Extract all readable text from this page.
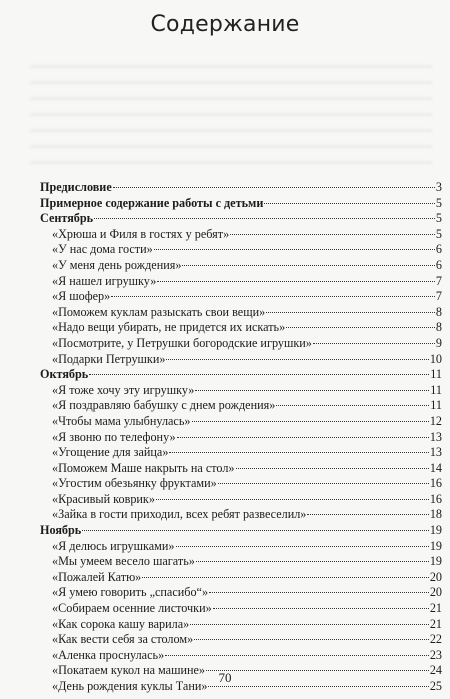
Содержание
Предисловие	3
Примерное содержание работы с детьми	5
Сентябрь	5
«Хрюша и Филя в гостях у ребят»	5
«У нас дома гости»	6
«У меня день рождения»	6
«Я нашел игрушку»	7
«Я шофер»	7
«Поможем куклам разыскать свои вещи»	8
«Надо вещи убирать, не придется их искать»	8
«Посмотрите, у Петрушки богородские игрушки»	9
«Подарки Петрушки»	10
Октябрь	11
«Я тоже хочу эту игрушку»	11
«Я поздравляю бабушку с днем рождения»	11
«Чтобы мама улыбнулась»	12
«Я звоню по телефону»	13
«Угощение для зайца»	13
«Поможем Маше накрыть на стол»	14
«Угостим обезьянку фруктами»	16
«Красивый коврик»	16
«Зайка в гости приходил, всех ребят развеселил»	18
Ноябрь	19
«Я делюсь игрушками»	19
«Мы умеем весело шагать»	19
«Пожалей Катю»	20
«Я умею говорить „спасибо“»	20
«Собираем осенние листочки»	21
«Как сорока кашу варила»	21
«Как вести себя за столом»	22
«Аленка проснулась»	23
«Покатаем кукол на машине»	24
«День рождения куклы Тани»	25
70
